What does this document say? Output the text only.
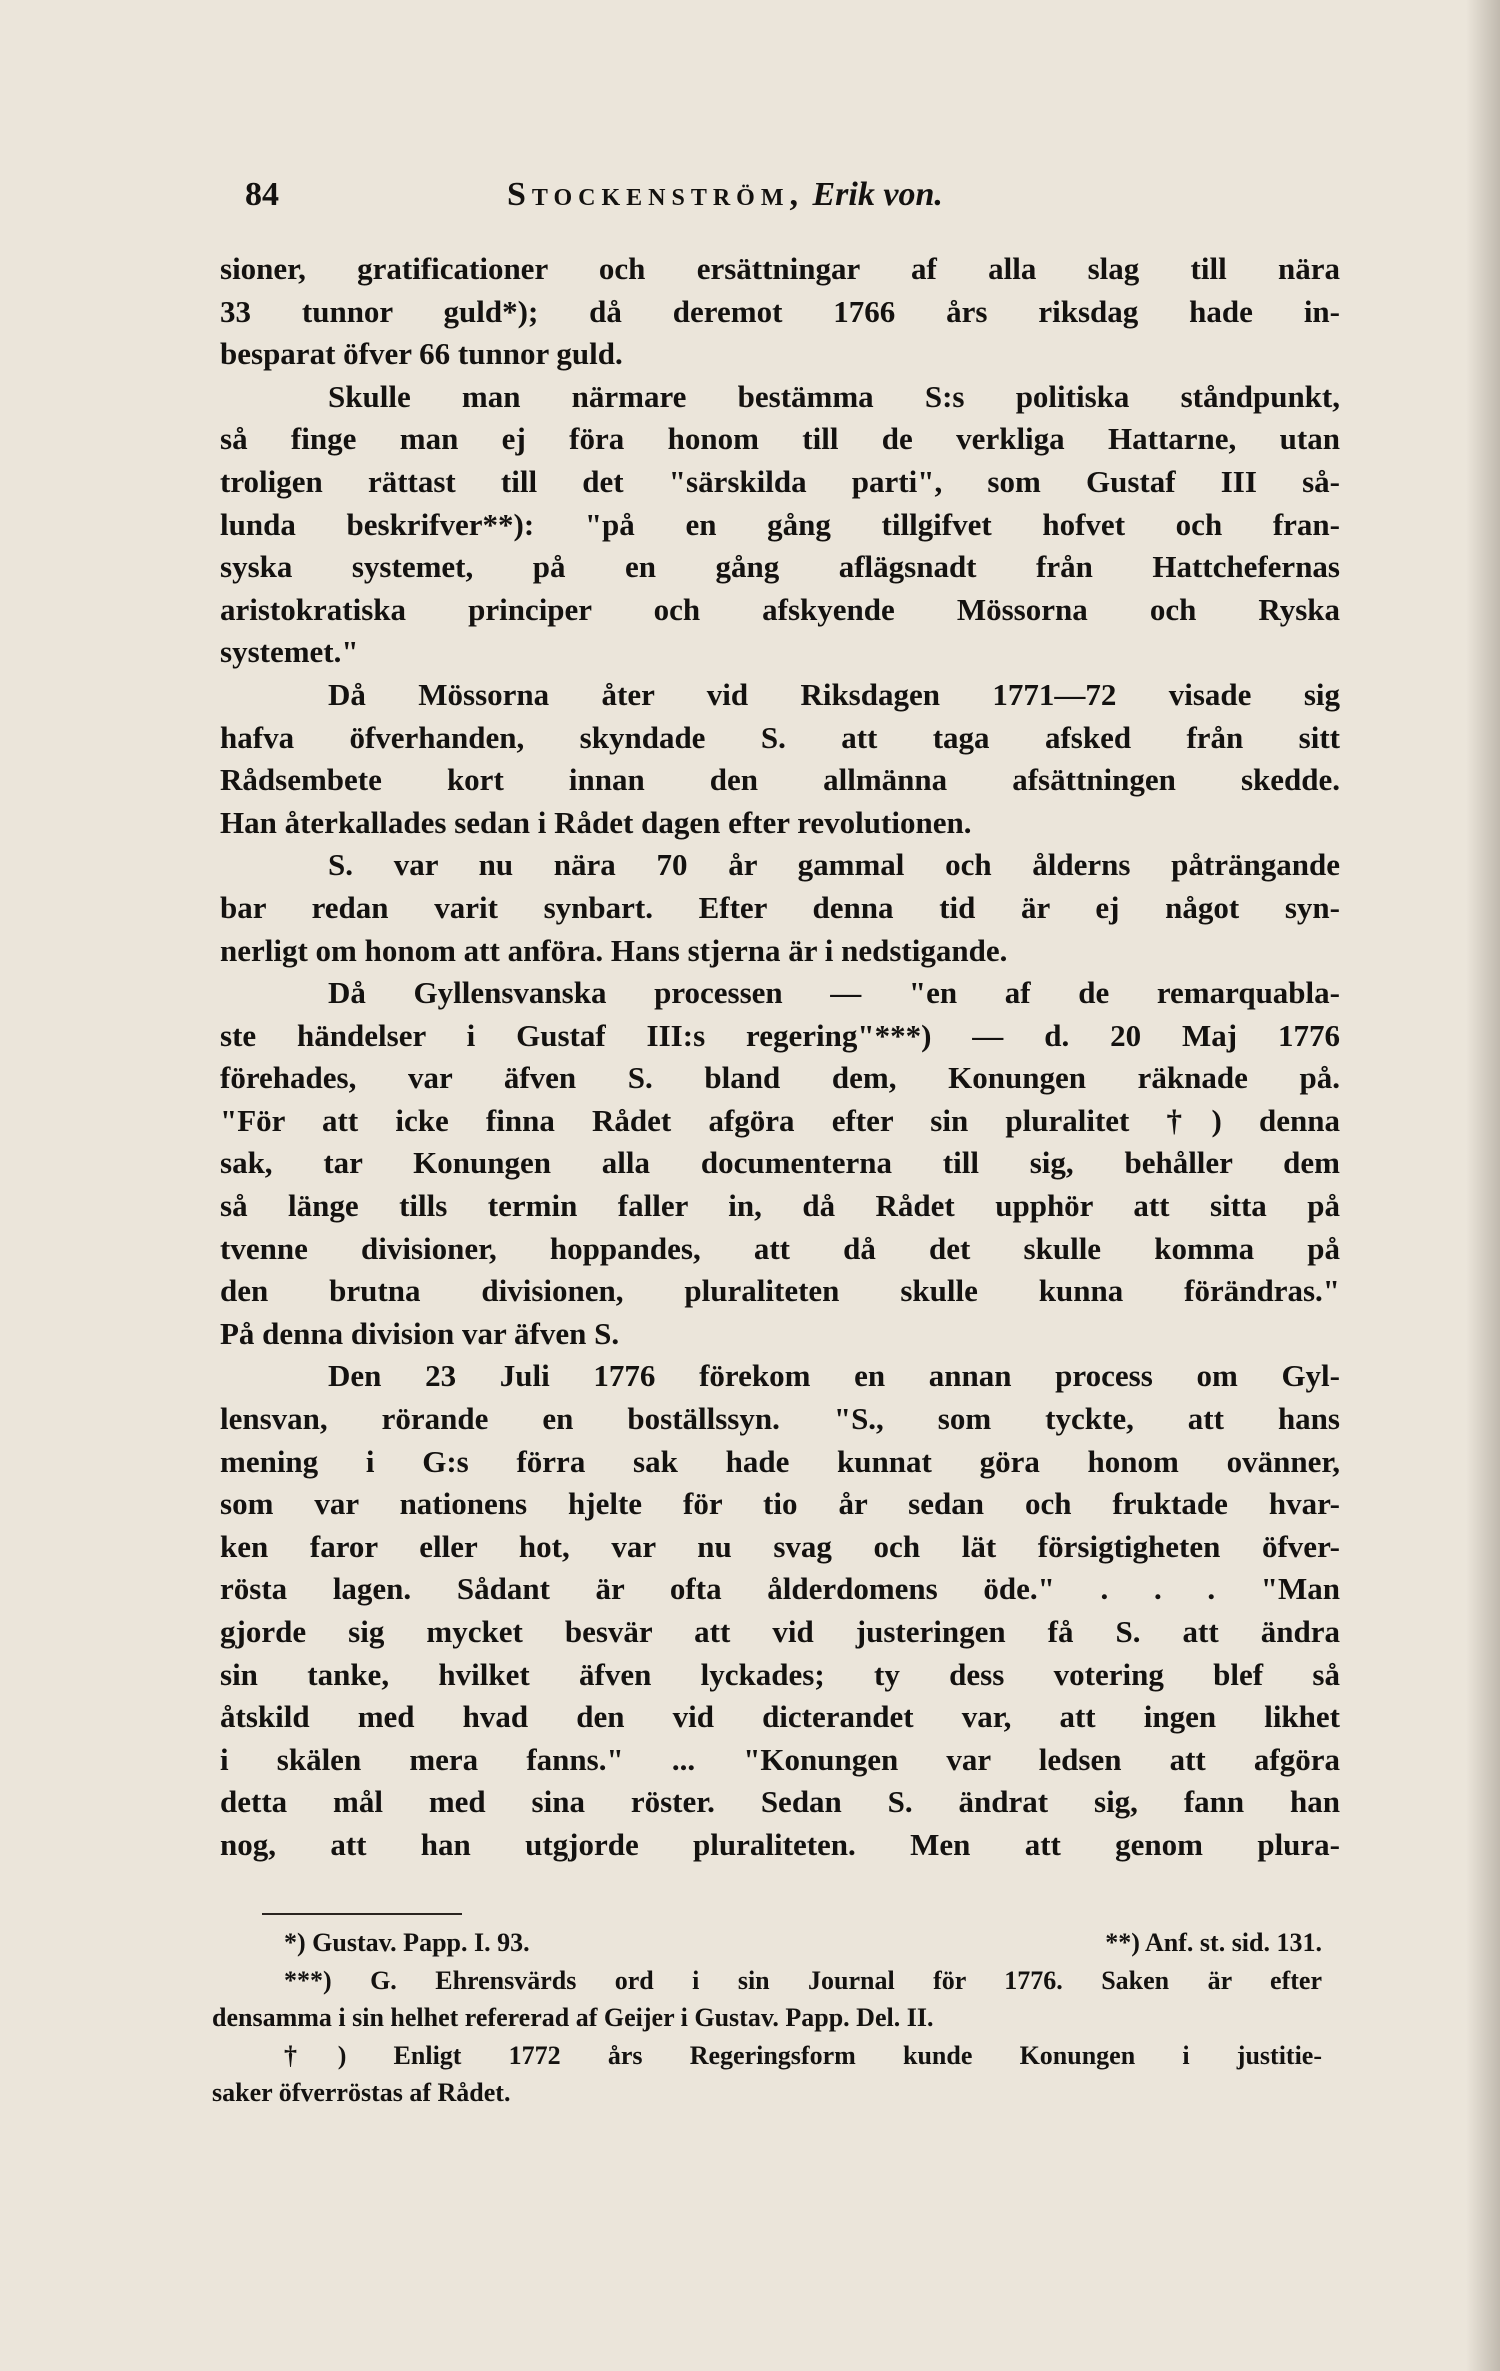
84	Stockenström, Erik von.
sioner, gratificationer och ersättningar af alla slag till nära
33 tunnor guld*); då deremot 1766 års riksdag hade in-
besparat öfver 66 tunnor guld.
Skulle man närmare bestämma S:s politiska ståndpunkt,
så finge man ej föra honom till de verkliga Hattarne, utan
troligen rättast till det "särskilda parti", som Gustaf III så-
lunda beskrifver**): "på en gång tillgifvet hofvet och fran-
syska systemet, på en gång aflägsnadt från Hattchefernas
aristokratiska principer och afskyende Mössorna och Ryska
systemet."
Då Mössorna åter vid Riksdagen 1771—72 visade sig
hafva öfverhanden, skyndade S. att taga afsked från sitt
Rådsembete kort innan den allmänna afsättningen skedde.
Han återkallades sedan i Rådet dagen efter revolutionen.
S. var nu nära 70 år gammal och ålderns påträngande
bar redan varit synbart. Efter denna tid är ej något syn-
nerligt om honom att anföra. Hans stjerna är i nedstigande.
Då Gyllensvanska processen — "en af de remarquabla-
ste händelser i Gustaf III:s regering"***) — d. 20 Maj 1776
förehades, var äfven S. bland dem, Konungen räknade på.
"För att icke finna Rådet afgöra efter sin pluralitet †) denna
sak, tar Konungen alla documenterna till sig, behåller dem
så länge tills termin faller in, då Rådet upphör att sitta på
tvenne divisioner, hoppandes, att då det skulle komma på
den brutna divisionen, pluraliteten skulle kunna förändras."
På denna division var äfven S.
Den 23 Juli 1776 förekom en annan process om Gyl-
lensvan, rörande en boställssyn. "S., som tyckte, att hans
mening i G:s förra sak hade kunnat göra honom ovänner,
som var nationens hjelte för tio år sedan och fruktade hvar-
ken faror eller hot, var nu svag och lät försigtigheten öfver-
rösta lagen. Sådant är ofta ålderdomens öde." . . . "Man
gjorde sig mycket besvär att vid justeringen få S. att ändra
sin tanke, hvilket äfven lyckades; ty dess votering blef så
åtskild med hvad den vid dicterandet var, att ingen likhet
i skälen mera fanns." ... "Konungen var ledsen att afgöra
detta mål med sina röster. Sedan S. ändrat sig, fann han
nog, att han utgjorde pluraliteten. Men att genom plura-
*) Gustav. Papp. I. 93.	**) Anf. st. sid. 131.
***) G. Ehrensvärds ord i sin Journal för 1776. Saken är efter
densamma i sin helhet refererad af Geijer i Gustav. Papp. Del. II.
†) Enligt 1772 års Regeringsform kunde Konungen i justitie-
saker öfverröstas af Rådet.
